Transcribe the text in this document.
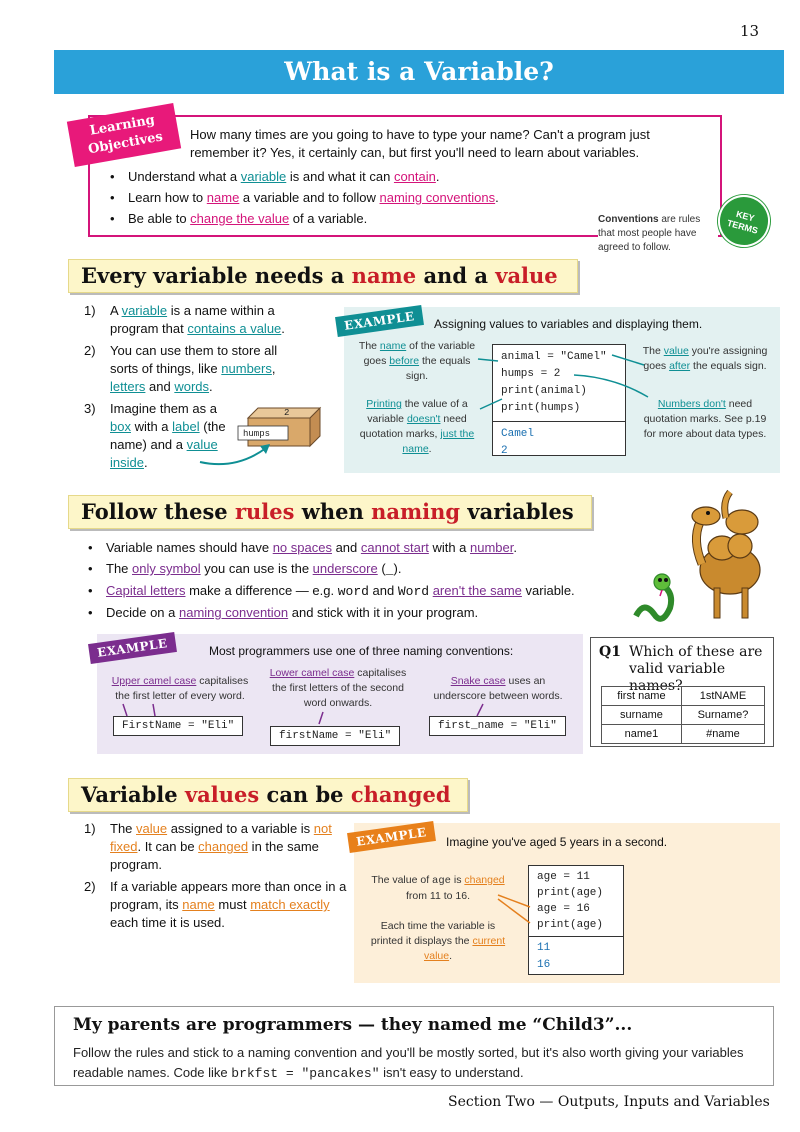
13
What is a Variable?
Learning Objectives	How many times are you going to have to type your name? Can't a program just remember it? Yes, it certainly can, but first you'll need to learn about variables.
• Understand what a variable is and what it can contain.
• Learn how to name a variable and to follow naming conventions.
• Be able to change the value of a variable.	Conventions are rules that most people have agreed to follow.
KEY TERMS
Every variable needs a name and a value
1) A variable is a name within a program that contains a value.
2) You can use them to store all sorts of things, like numbers, letters and words.
3) Imagine them as a box with a label (the name) and a value inside.
2
humps
EXAMPLE	Assigning values to variables and displaying them.
The name of the variable goes before the equals sign.
Printing the value of a variable doesn't need quotation marks, just the name.
animal = "Camel"
humps = 2
print(animal)
print(humps)
Camel
2
The value you're assigning goes after the equals sign.
Numbers don't need quotation marks. See p.19 for more about data types.
Follow these rules when naming variables
• Variable names should have no spaces and cannot start with a number.
• The only symbol you can use is the underscore (_).
• Capital letters make a difference — e.g. word and Word aren't the same variable.
• Decide on a naming convention and stick with it in your program.
EXAMPLE	Most programmers use one of three naming conventions:
Upper camel case capitalises the first letter of every word.
Lower camel case capitalises the first letters of the second word onwards.
Snake case uses an underscore between words.
FirstName = "Eli"
firstName = "Eli"
first_name = "Eli"
Q1 Which of these are valid variable names?
first name	1stNAME
surname	Surname?
name1	#name
Variable values can be changed
1) The value assigned to a variable is not fixed. It can be changed in the same program.
2) If a variable appears more than once in a program, its name must match exactly each time it is used.
EXAMPLE	Imagine you've aged 5 years in a second.
The value of age is changed from 11 to 16.
Each time the variable is printed it displays the current value.
age = 11
print(age)
age = 16
print(age)
11
16
My parents are programmers — they named me “Child3”...
Follow the rules and stick to a naming convention and you'll be mostly sorted, but it's also worth giving your variables readable names. Code like brkfst = "pancakes" isn't easy to understand.
Section Two — Outputs, Inputs and Variables
